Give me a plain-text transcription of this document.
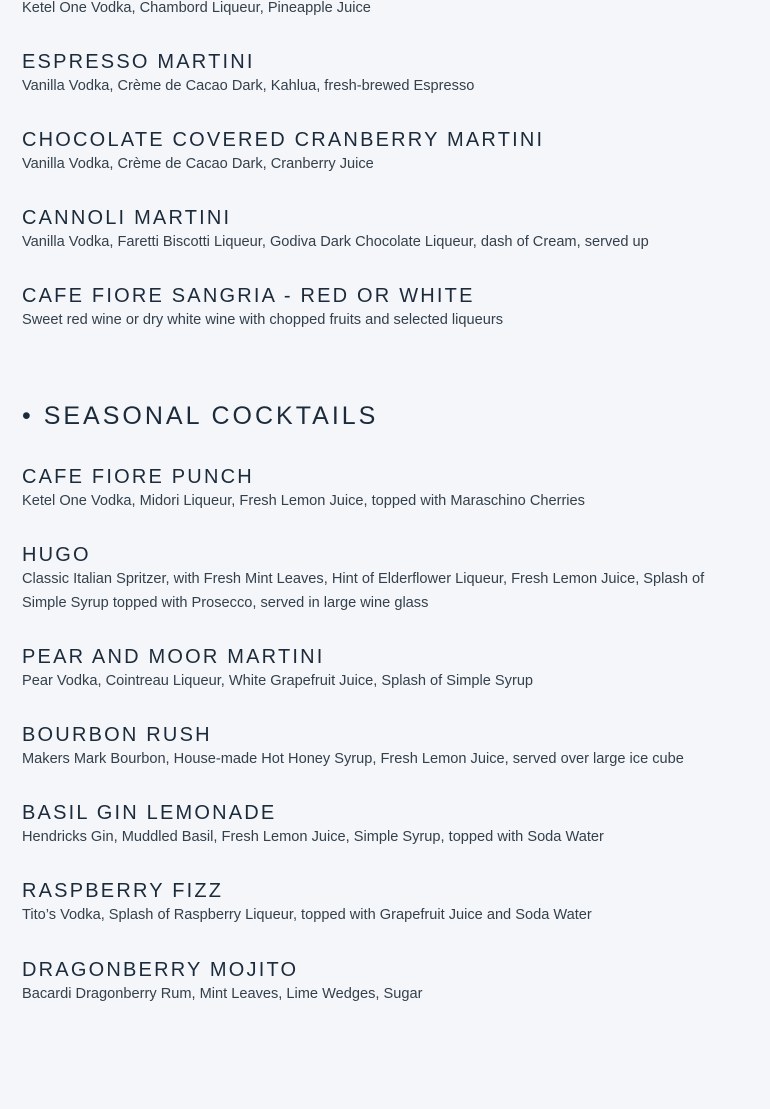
Ketel One Vodka, Chambord Liqueur, Pineapple Juice

ESPRESSO MARTINI

Vanilla Vodka, Crème de Cacao Dark, Kahlua, fresh-brewed Espresso

CHOCOLATE COVERED CRANBERRY MARTINI

Vanilla Vodka, Crème de Cacao Dark, Cranberry Juice

CANNOLI MARTINI

Vanilla Vodka, Faretti Biscotti Liqueur, Godiva Dark Chocolate Liqueur, dash of Cream, served up

CAFE FIORE SANGRIA - RED OR WHITE

Sweet red wine or dry white wine with chopped fruits and selected liqueurs

• SEASONAL COCKTAILS
CAFE FIORE PUNCH

Ketel One Vodka, Midori Liqueur, Fresh Lemon Juice, topped with Maraschino Cherries

HUGO

Classic Italian Spritzer, with Fresh Mint Leaves, Hint of Elderflower Liqueur, Fresh Lemon Juice, Splash of Simple Syrup topped with Prosecco, served in large wine glass

PEAR AND MOOR MARTINI

Pear Vodka, Cointreau Liqueur, White Grapefruit Juice, Splash of Simple Syrup

BOURBON RUSH

Makers Mark Bourbon, House-made Hot Honey Syrup, Fresh Lemon Juice, served over large ice cube

BASIL GIN LEMONADE

Hendricks Gin, Muddled Basil, Fresh Lemon Juice, Simple Syrup, topped with Soda Water

RASPBERRY FIZZ

Tito’s Vodka, Splash of Raspberry Liqueur, topped with Grapefruit Juice and Soda Water

DRAGONBERRY MOJITO

Bacardi Dragonberry Rum, Mint Leaves, Lime Wedges, Sugar
